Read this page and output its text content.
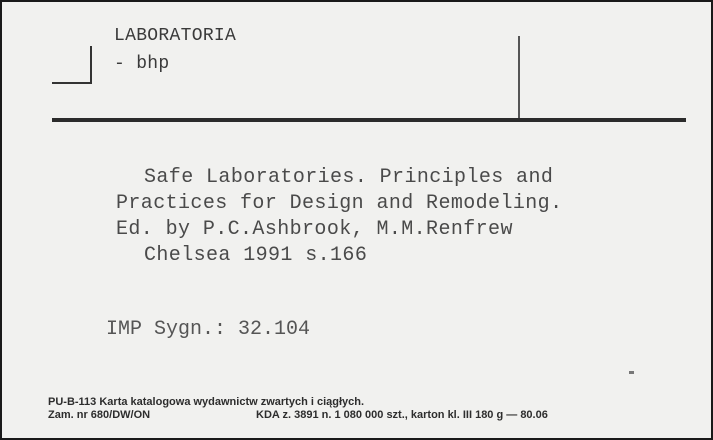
LABORATORIA
- bhp
Safe Laboratories. Principles and
Practices for Design and Remodeling.
Ed. by P.C.Ashbrook, M.M.Renfrew
Chelsea 1991 s.166
IMP Sygn.: 32.104
PU-B-113 Karta katalogowa wydawnictw zwartych i ciągłych.
Zam. nr 680/DW/ON	KDA z. 3891 n. 1 080 000 szt., karton kl. III 180 g — 80.06
